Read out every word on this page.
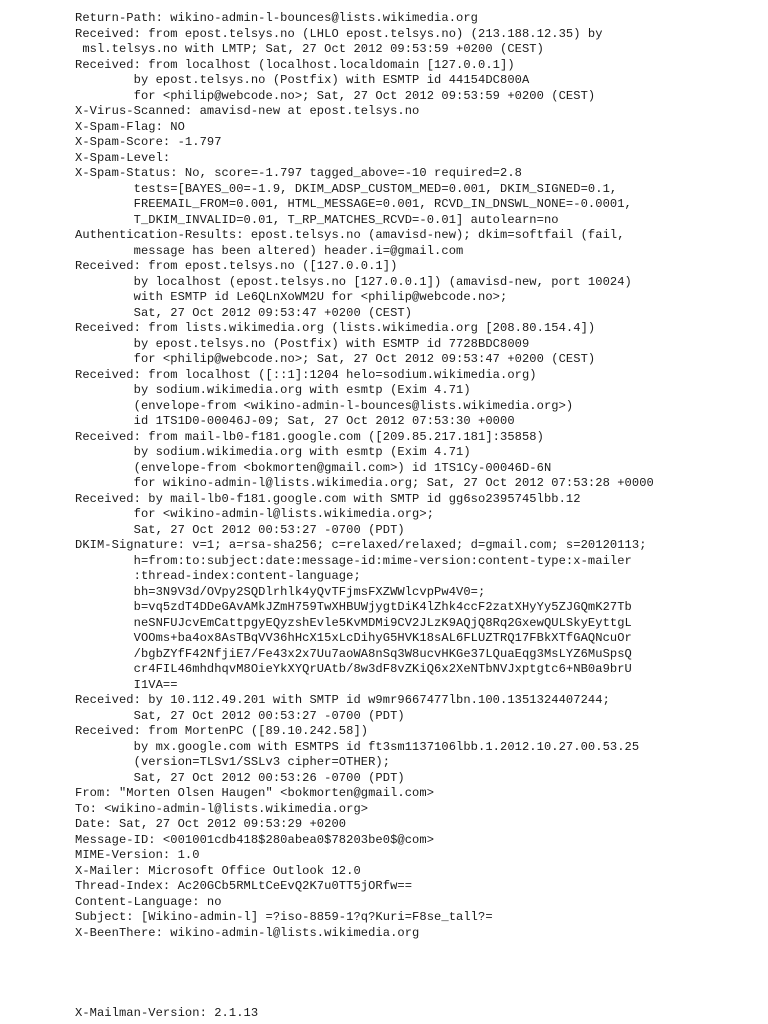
Return-Path: wikino-admin-l-bounces@lists.wikimedia.org
Received: from epost.telsys.no (LHLO epost.telsys.no) (213.188.12.35) by
msl.telsys.no with LMTP; Sat, 27 Oct 2012 09:53:59 +0200 (CEST)
Received: from localhost (localhost.localdomain [127.0.0.1])
by epost.telsys.no (Postfix) with ESMTP id 44154DC800A
for <philip@webcode.no>; Sat, 27 Oct 2012 09:53:59 +0200 (CEST)
X-Virus-Scanned: amavisd-new at epost.telsys.no
X-Spam-Flag: NO
X-Spam-Score: -1.797
X-Spam-Level:
X-Spam-Status: No, score=-1.797 tagged_above=-10 required=2.8
tests=[BAYES_00=-1.9, DKIM_ADSP_CUSTOM_MED=0.001, DKIM_SIGNED=0.1,
FREEMAIL_FROM=0.001, HTML_MESSAGE=0.001, RCVD_IN_DNSWL_NONE=-0.0001,
T_DKIM_INVALID=0.01, T_RP_MATCHES_RCVD=-0.01] autolearn=no
Authentication-Results: epost.telsys.no (amavisd-new); dkim=softfail (fail,
message has been altered) header.i=@gmail.com
Received: from epost.telsys.no ([127.0.0.1])
by localhost (epost.telsys.no [127.0.0.1]) (amavisd-new, port 10024)
with ESMTP id Le6QLnXoWM2U for <philip@webcode.no>;
Sat, 27 Oct 2012 09:53:47 +0200 (CEST)
Received: from lists.wikimedia.org (lists.wikimedia.org [208.80.154.4])
by epost.telsys.no (Postfix) with ESMTP id 7728BDC8009
for <philip@webcode.no>; Sat, 27 Oct 2012 09:53:47 +0200 (CEST)
Received: from localhost ([::1]:1204 helo=sodium.wikimedia.org)
by sodium.wikimedia.org with esmtp (Exim 4.71)
(envelope-from <wikino-admin-l-bounces@lists.wikimedia.org>)
id 1TS1D0-00046J-09; Sat, 27 Oct 2012 07:53:30 +0000
Received: from mail-lb0-f181.google.com ([209.85.217.181]:35858)
by sodium.wikimedia.org with esmtp (Exim 4.71)
(envelope-from <bokmorten@gmail.com>) id 1TS1Cy-00046D-6N
for wikino-admin-l@lists.wikimedia.org; Sat, 27 Oct 2012 07:53:28 +0000
Received: by mail-lb0-f181.google.com with SMTP id gg6so2395745lbb.12
for <wikino-admin-l@lists.wikimedia.org>;
Sat, 27 Oct 2012 00:53:27 -0700 (PDT)
DKIM-Signature: v=1; a=rsa-sha256; c=relaxed/relaxed; d=gmail.com; s=20120113;
h=from:to:subject:date:message-id:mime-version:content-type:x-mailer
:thread-index:content-language;
bh=3N9V3d/OVpy2SQDlrhlk4yQvTFjmsFXZWWlcvpPw4V0=;
b=vq5zdT4DDeGAvAMkJZmH759TwXHBUWjygtDiK4lZhk4ccF2zatXHyYy5ZJGQmK27Tb
neSNFUJcvEmCattpgyEQyzshEvle5KvMDMi9CV2JLzK9AQjQ8Rq2GxewQULSkyEyttgL
VOOms+ba4ox8AsTBqVV36hHcX15xLcDihyG5HVK18sAL6FLUZTRQ17FBkXTfGAQNcuOr
/bgbZYfF42NfjiE7/Fe43x2x7Uu7aoWA8nSq3W8ucvHKGe37LQuaEqg3MsLYZ6MuSpsQ
cr4FIL46mhdhqvM8OieYkXYQrUAtb/8w3dF8vZKiQ6x2XeNTbNVJxptgtc6+NB0a9brU
I1VA==
Received: by 10.112.49.201 with SMTP id w9mr9667477lbn.100.1351324407244;
Sat, 27 Oct 2012 00:53:27 -0700 (PDT)
Received: from MortenPC ([89.10.242.58])
by mx.google.com with ESMTPS id ft3sm1137106lbb.1.2012.10.27.00.53.25
(version=TLSv1/SSLv3 cipher=OTHER);
Sat, 27 Oct 2012 00:53:26 -0700 (PDT)
From: "Morten Olsen Haugen" <bokmorten@gmail.com>
To: <wikino-admin-l@lists.wikimedia.org>
Date: Sat, 27 Oct 2012 09:53:29 +0200
Message-ID: <001001cdb418$280abea0$78203be0$@com>
MIME-Version: 1.0
X-Mailer: Microsoft Office Outlook 12.0
Thread-Index: Ac20GCb5RMLtCeEvQ2K7u0TT5jORfw==
Content-Language: no
Subject: [Wikino-admin-l] =?iso-8859-1?q?Kuri=F8se_tall?=
X-BeenThere: wikino-admin-l@lists.wikimedia.org
X-Mailman-Version: 2.1.13
